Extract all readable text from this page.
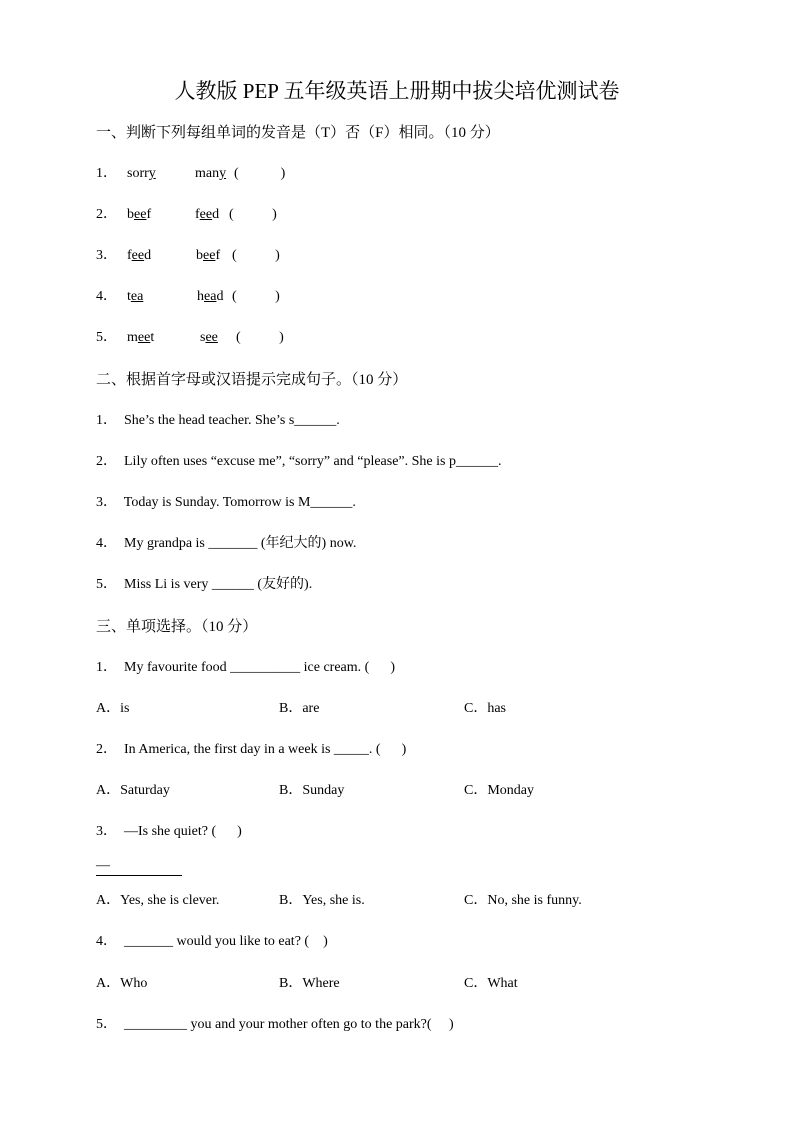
人教版 PEP 五年级英语上册期中拔尖培优测试卷
一、判断下列每组单词的发音是（T）否（F）相同。（10 分）
1． sorry	many (            )
2． beef	feed (           )
3． feed	beef (           )
4． tea	head (           )
5． meet	see (           )
二、根据首字母或汉语提示完成句子。（10 分）
1．  She’s the head teacher. She’s s______.
2．  Lily often uses “excuse me”, “sorry” and “please”. She is p______.
3．  Today is Sunday. Tomorrow is M______.
4．  My grandpa is _______ (年纪大的) now.
5．  Miss Li is very ______ (友好的).
三、单项选择。（10 分）
1．  My favourite food __________ ice cream. (      )
A．is	B．are	C．has
2．  In America, the first day in a week is _____. (      )
A．Saturday	B．Sunday	C．Monday
3．  —Is she quiet? (      )
—
A．Yes, she is clever.	B．Yes, she is.	C．No, she is funny.
4．  _______ would you like to eat? (    )
A．Who	B．Where	C．What
5．  _________ you and your mother often go to the park?(     )
